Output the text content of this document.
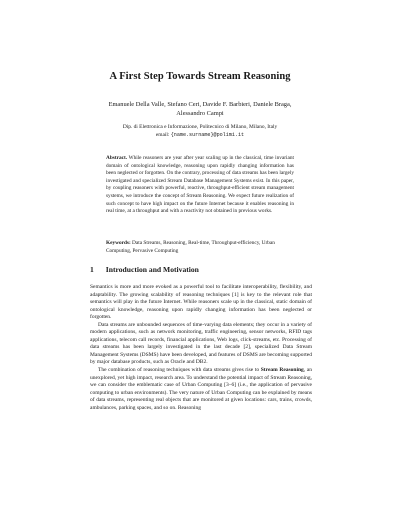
A First Step Towards Stream Reasoning
Emanuele Della Valle, Stefano Ceri, Davide F. Barbieri, Daniele Braga,
Alessandro Campi
Dip. di Elettronica e Informazione, Politecnico di Milano, Milano, Italy
email: {name.surname}@polimi.it

Abstract. While reasoners are year after year scaling up in the classical, time invariant domain of ontological knowledge, reasoning upon rapidly changing information has been neglected or forgotten. On the contrary, processing of data streams has been largely investigated and specialized Stream Database Management Systems exist. In this paper, by coupling reasoners with powerful, reactive, throughput-efficient stream management systems, we introduce the concept of Stream Reasoning. We expect future realization of such concept to have high impact on the future Internet because it enables reasoning in real time, at a throughput and with a reactivity not obtained in previous works.

Keywords: Data Streams, Reasoning, Real-time, Throughput-efficiency, Urban Computing, Pervasive Computing
1 Introduction and Motivation

Semantics is more and more evoked as a powerful tool to facilitate interoperability, flexibility, and adaptability. The growing scalability of reasoning techniques [1] is key to the relevant role that semantics will play in the future Internet. While reasoners scale up in the classical, static domain of ontological knowledge, reasoning upon rapidly changing information has been neglected or forgotten.

Data streams are unbounded sequences of time-varying data elements; they occur in a variety of modern applications, such as network monitoring, traffic engineering, sensor networks, RFID tags applications, telecom call records, financial applications, Web logs, click-streams, etc. Processing of data streams has been largely investigated in the last decade [2], specialized Data Stream Management Systems (DSMS) have been developed, and features of DSMS are becoming supported by major database products, such as Oracle and DB2.

The combination of reasoning techniques with data streams gives rise to Stream Reasoning, an unexplored, yet high impact, research area. To understand the potential impact of Stream Reasoning, we can consider the emblematic case of Urban Computing [3–6] (i.e., the application of pervasive computing to urban environments). The very nature of Urban Computing can be explained by means of data streams, representing real objects that are monitored at given locations: cars, trains, crowds, ambulances, parking spaces, and so on. Reasoning
